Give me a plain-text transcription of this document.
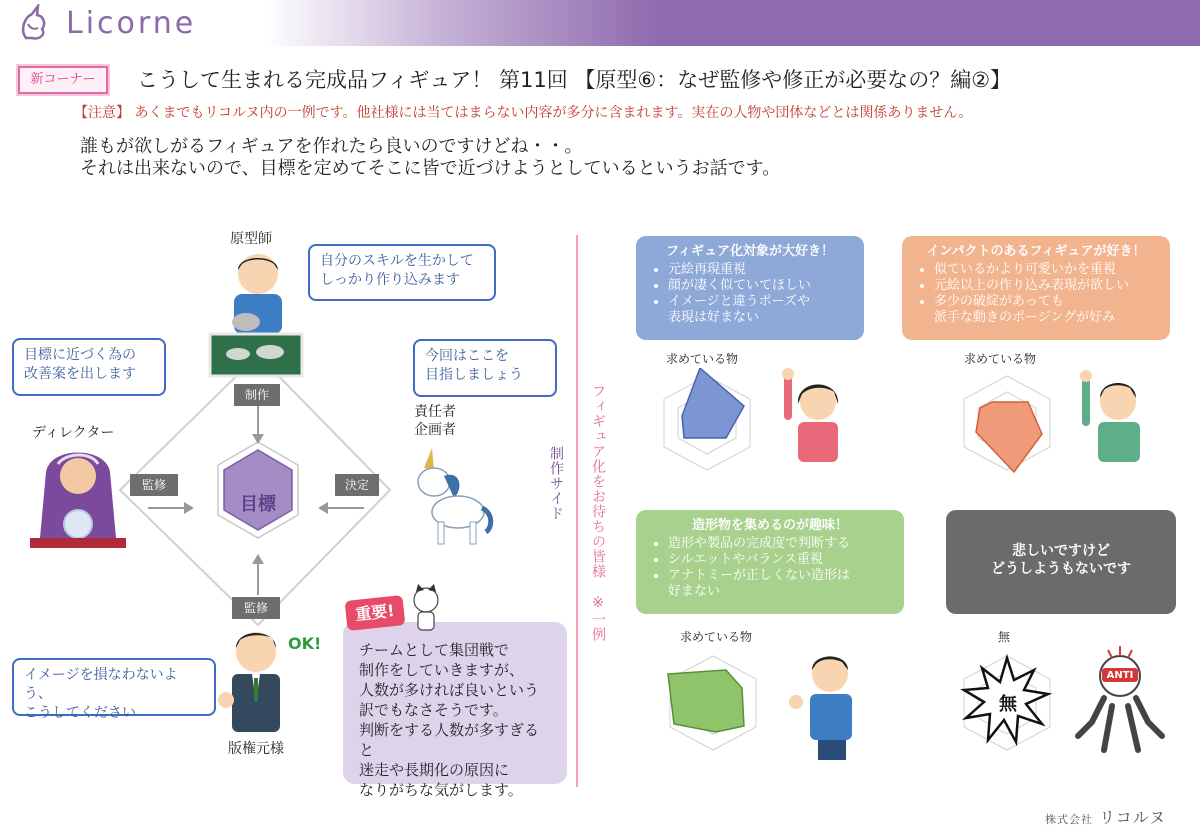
Licorne
新コーナー	こうして生まれる完成品フィギュア！ 第11回 【原型⑥：なぜ監修や修正が必要なの？編②】
【注意】 あくまでもリコルヌ内の一例です。他社様には当てはまらない内容が多分に含まれます。実在の人物や団体などとは関係ありません。
誰もが欲しがるフィギュアを作れたら良いのですけどね・・。
それは出来ないので、目標を定めてそこに皆で近づけようとしているというお話です。
目標
原型師
制作
自分のスキルを生かして
しっかり作り込みます
目標に近づく為の
改善案を出します
ディレクター
監修
今回はここを
目指しましょう
責任者
企画者
決定
監修
OK!
イメージを損なわないよう、
こうしてください
版権元様
チームとして集団戦で
制作をしていきますが、
人数が多ければ良いという
訳でもなさそうです。
判断をする人数が多すぎると
迷走や長期化の原因に
なりがちな気がします。
重要!
制作サイド フィギュア化をお待ちの皆様※一例
フィギュア化対象が大好き！
• 元絵再現重視
• 顔が凄く似ていてほしい
• イメージと違うポーズや
表現は好まない
求めている物
インパクトのあるフィギュアが好き！
• 似ているかより可愛いかを重視
• 元絵以上の作り込み表現が欲しい
• 多少の破綻があっても
派手な動きのポージングが好み
求めている物
造形物を集めるのが趣味！
• 造形や製品の完成度で判断する
• シルエットやバランス重視
• アナトミーが正しくない造形は
好まない
求めている物
悲しいですけど
どうしようもないです
無
無
ANTI
株式会社 リコルヌ
